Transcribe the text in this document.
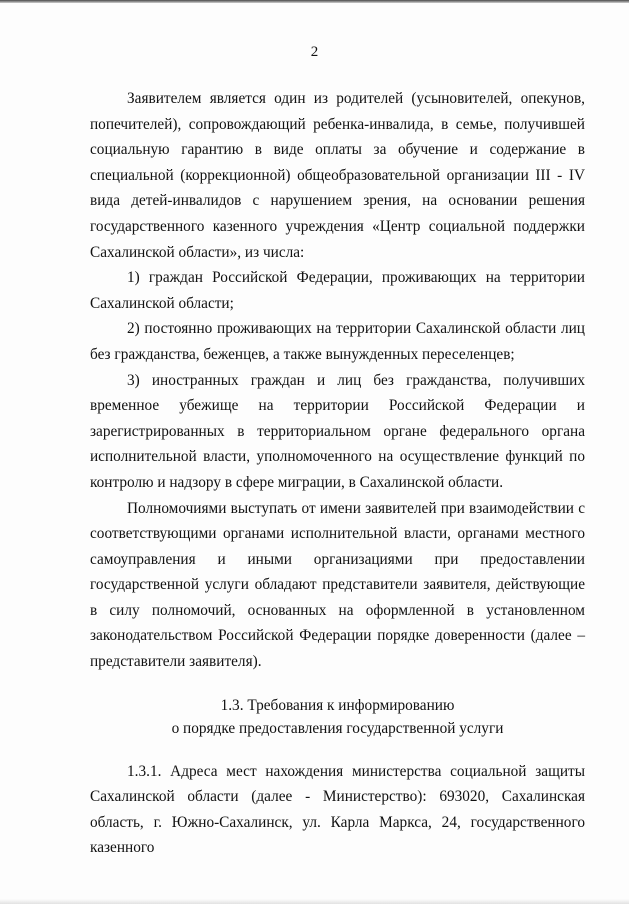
2

Заявителем является один из родителей (усыновителей, опекунов, попечителей), сопровождающий ребенка-инвалида, в семье, получившей социальную гарантию в виде оплаты за обучение и содержание в специальной (коррекционной) общеобразовательной организации III - IV вида детей-инвалидов с нарушением зрения, на основании решения государственного казенного учреждения «Центр социальной поддержки Сахалинской области», из числа:

1) граждан Российской Федерации, проживающих на территории Сахалинской области;

2) постоянно проживающих на территории Сахалинской области лиц без гражданства, беженцев, а также вынужденных переселенцев;

3) иностранных граждан и лиц без гражданства, получивших временное убежище на территории Российской Федерации и зарегистрированных в территориальном органе федерального органа исполнительной власти, уполномоченного на осуществление функций по контролю и надзору в сфере миграции, в Сахалинской области.

Полномочиями выступать от имени заявителей при взаимодействии с соответствующими органами исполнительной власти, органами местного самоуправления и иными организациями при предоставлении государственной услуги обладают представители заявителя, действующие в силу полномочий, основанных на оформленной в установленном законодательством Российской Федерации порядке доверенности (далее – представители заявителя).

1.3. Требования к информированию

о порядке предоставления государственной услуги

1.3.1. Адреса мест нахождения министерства социальной защиты Сахалинской области (далее - Министерство): 693020, Сахалинская область, г. Южно-Сахалинск, ул. Карла Маркса, 24, государственного казенного
